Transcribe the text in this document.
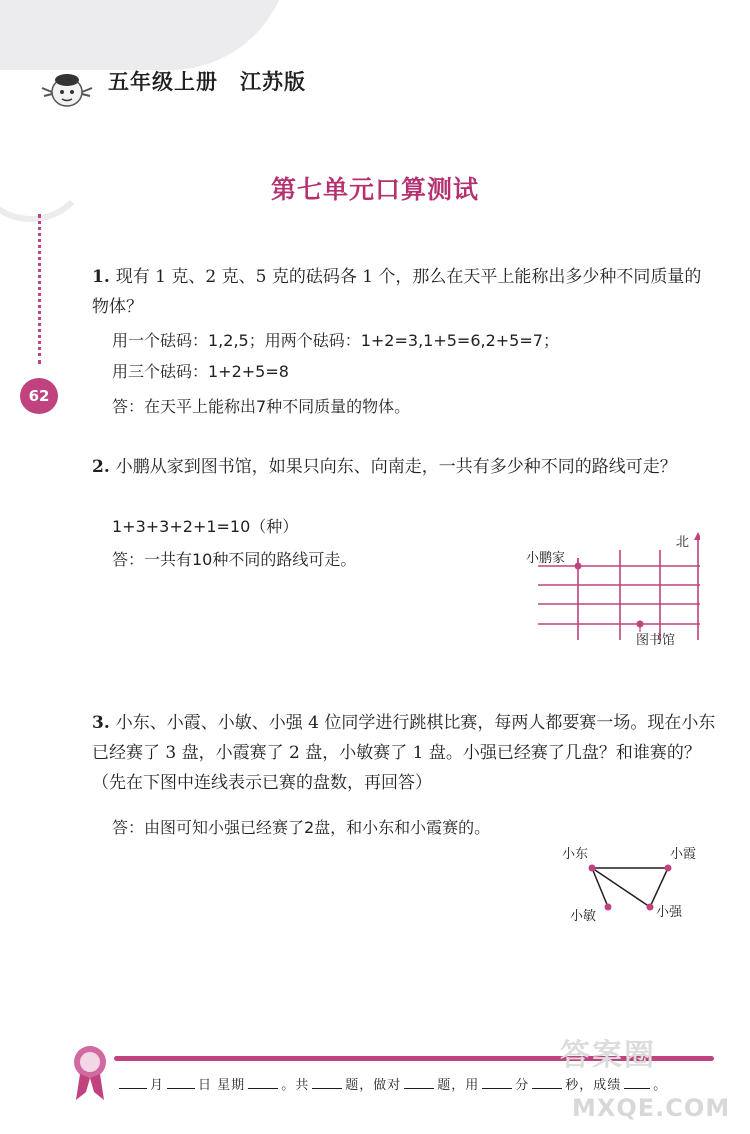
五年级上册　江苏版
62
第七单元口算测试
1. 现有 1 克、2 克、5 克的砝码各 1 个，那么在天平上能称出多少种不同质量的物体？
用一个砝码：1,2,5；用两个砝码：1+2=3,1+5=6,2+5=7；
用三个砝码：1+2+5=8
答：在天平上能称出7种不同质量的物体。
2. 小鹏从家到图书馆，如果只向东、向南走，一共有多少种不同的路线可走？
1+3+3+2+1=10（种）
答：一共有10种不同的路线可走。	小鹏家
图书馆
北
3. 小东、小霞、小敏、小强 4 位同学进行跳棋比赛，每两人都要赛一场。现在小东已经赛了 3 盘，小霞赛了 2 盘，小敏赛了 1 盘。小强已经赛了几盘？和谁赛的？（先在下图中连线表示已赛的盘数，再回答）
答：由图可知小强已经赛了2盘，和小东和小霞赛的。
小东	小霞
小敏	小强
月	日 星期	。共	题，做对	题，用	分	秒，成绩 。
答案圈
MXQE.COM
